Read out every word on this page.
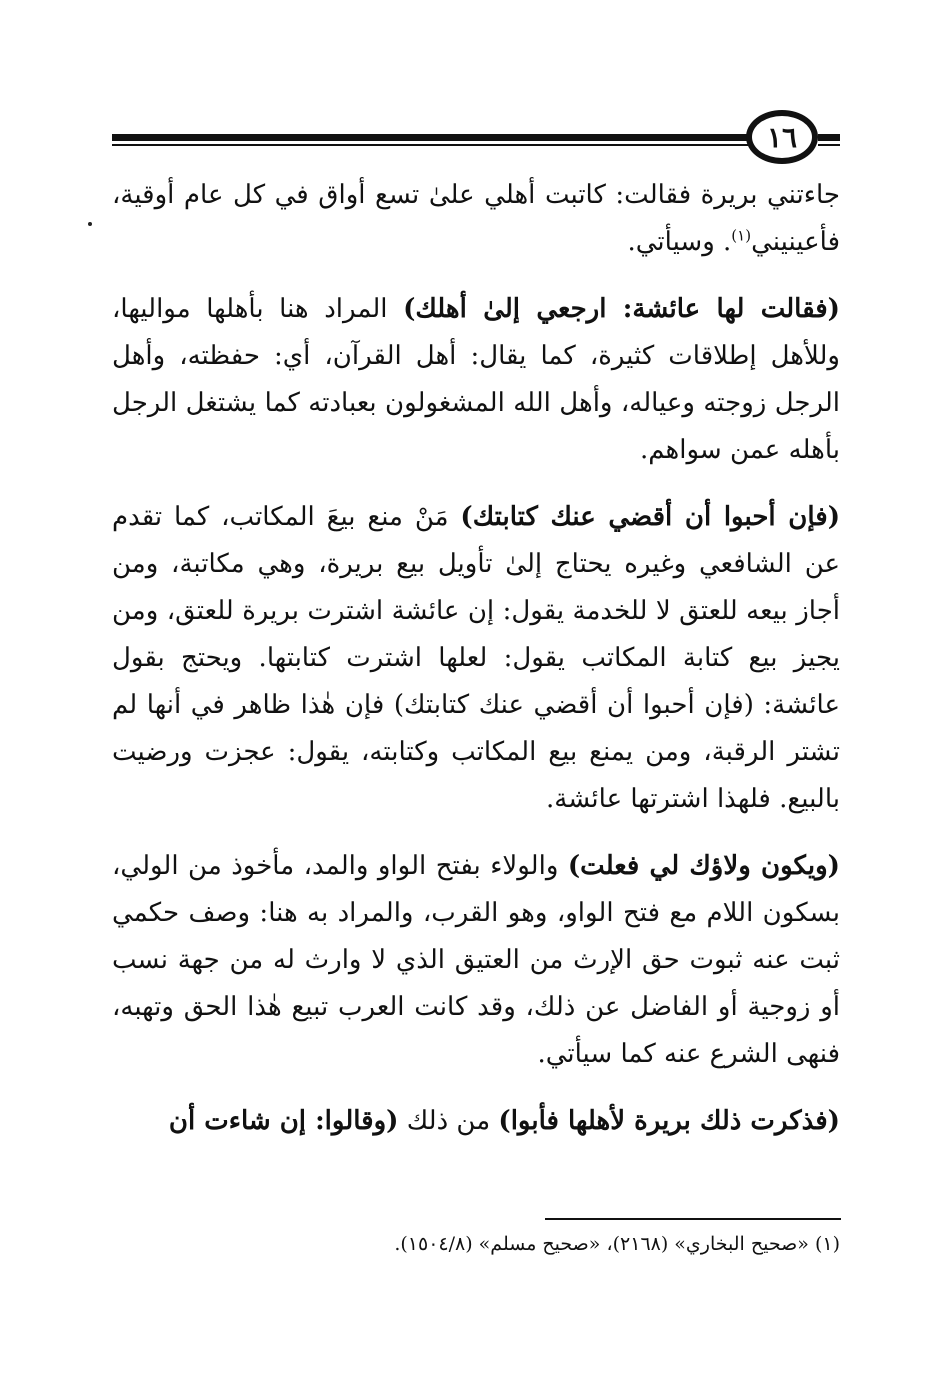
١٦

جاءتني بريرة فقالت: كاتبت أهلي علىٰ تسع أواق في كل عام أوقية، فأعينيني$^{(١)}$. وسيأتي.

(فقالت لها عائشة: ارجعي إلىٰ أهلك) المراد هنا بأهلها مواليها، وللأهل إطلاقات كثيرة، كما يقال: أهل القرآن، أي: حفظته، وأهل الرجل زوجته وعياله، وأهل الله المشغولون بعبادته كما يشتغل الرجل بأهله عمن سواهم.

(فإن أحبوا أن أقضي عنك كتابتك) مَنْ منع بيعَ المكاتب، كما تقدم عن الشافعي وغيره يحتاج إلىٰ تأويل بيع بريرة، وهي مكاتبة، ومن أجاز بيعه للعتق لا للخدمة يقول: إن عائشة اشترت بريرة للعتق، ومن يجيز بيع كتابة المكاتب يقول: لعلها اشترت كتابتها. ويحتج بقول عائشة: (فإن أحبوا أن أقضي عنك كتابتك) فإن هٰذا ظاهر في أنها لم تشتر الرقبة، ومن يمنع بيع المكاتب وكتابته، يقول: عجزت ورضيت بالبيع. فلهذا اشترتها عائشة.

(ويكون ولاؤك لي فعلت) والولاء بفتح الواو والمد، مأخوذ من الولي، بسكون اللام مع فتح الواو، وهو القرب، والمراد به هنا: وصف حكمي ثبت عنه ثبوت حق الإرث من العتيق الذي لا وارث له من جهة نسب أو زوجية أو الفاضل عن ذلك، وقد كانت العرب تبيع هٰذا الحق وتهبه، فنهى الشرع عنه كما سيأتي.

(فذكرت ذلك بريرة لأهلها فأبوا) من ذلك (وقالوا: إن شاءت أن

(١) «صحيح البخاري» (٢١٦٨)، «صحيح مسلم» (١٥٠٤/٨).
